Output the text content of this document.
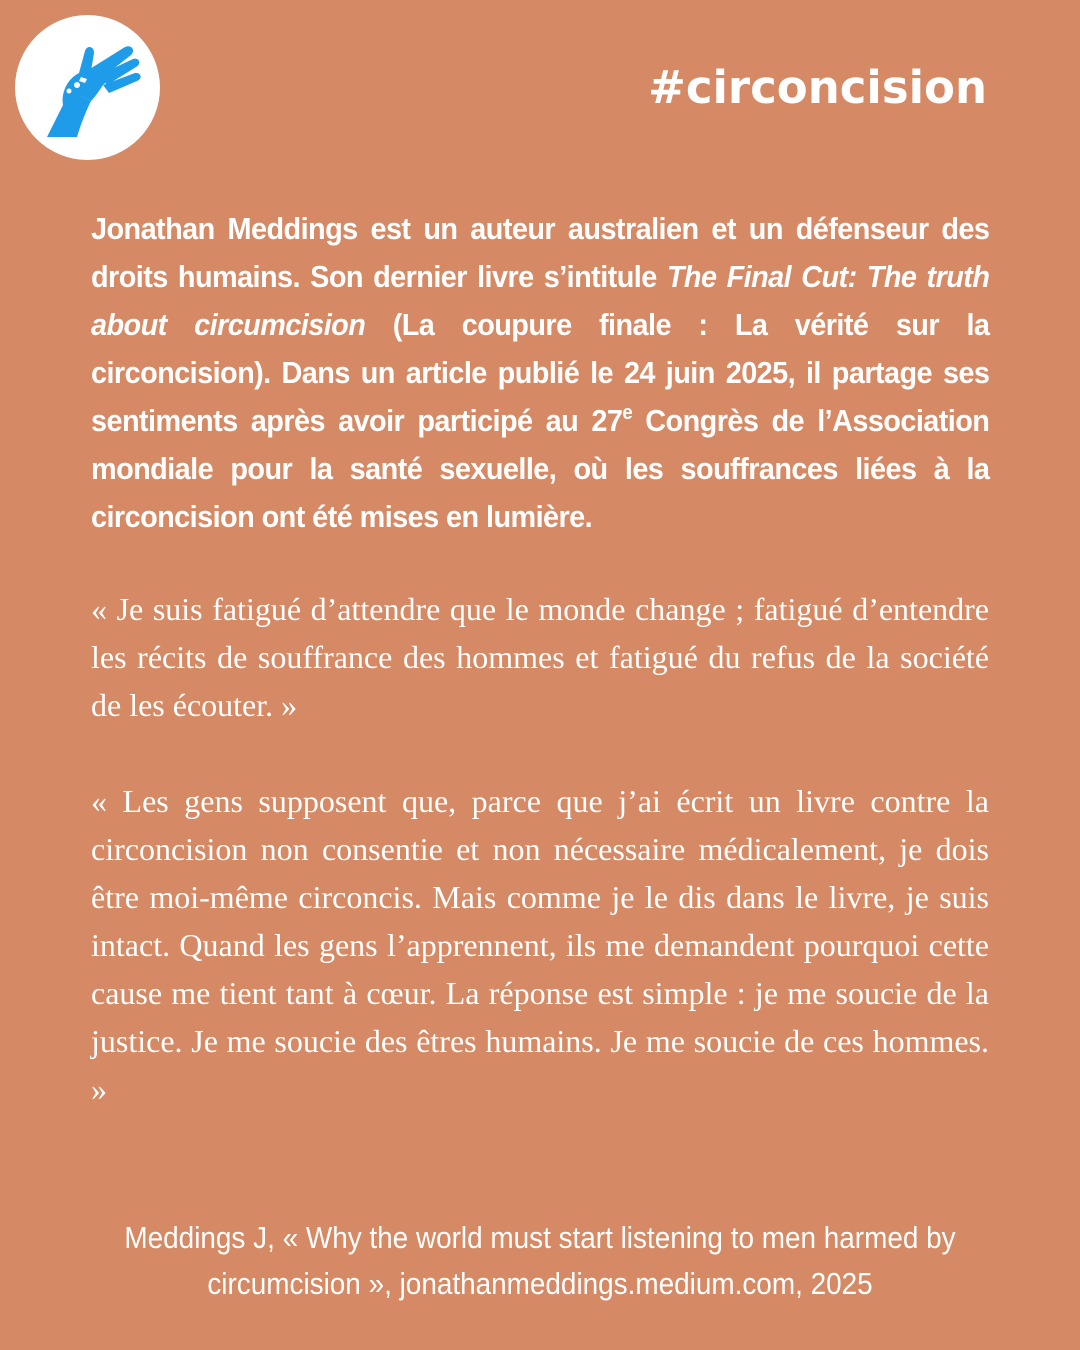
#circoncision

Jonathan Meddings est un auteur australien et un défenseur des droits humains. Son dernier livre s’intitule The Final Cut: The truth about circumcision (La coupure finale : La vérité sur la circoncision). Dans un article publié le 24 juin 2025, il partage ses sentiments après avoir participé au 27e Congrès de l’Association mondiale pour la santé sexuelle, où les souffrances liées à la circoncision ont été mises en lumière.

« Je suis fatigué d’attendre que le monde change ; fatigué d’entendre les récits de souffrance des hommes et fatigué du refus de la société de les écouter. »

« Les gens supposent que, parce que j’ai écrit un livre contre la circoncision non consentie et non nécessaire médicalement, je dois être moi-même circoncis. Mais comme je le dis dans le livre, je suis intact. Quand les gens l’apprennent, ils me demandent pourquoi cette cause me tient tant à cœur. La réponse est simple : je me soucie de la justice. Je me soucie des êtres humains. Je me soucie de ces hommes. »

Meddings J, « Why the world must start listening to men harmed by
circumcision », jonathanmeddings.medium.com, 2025
